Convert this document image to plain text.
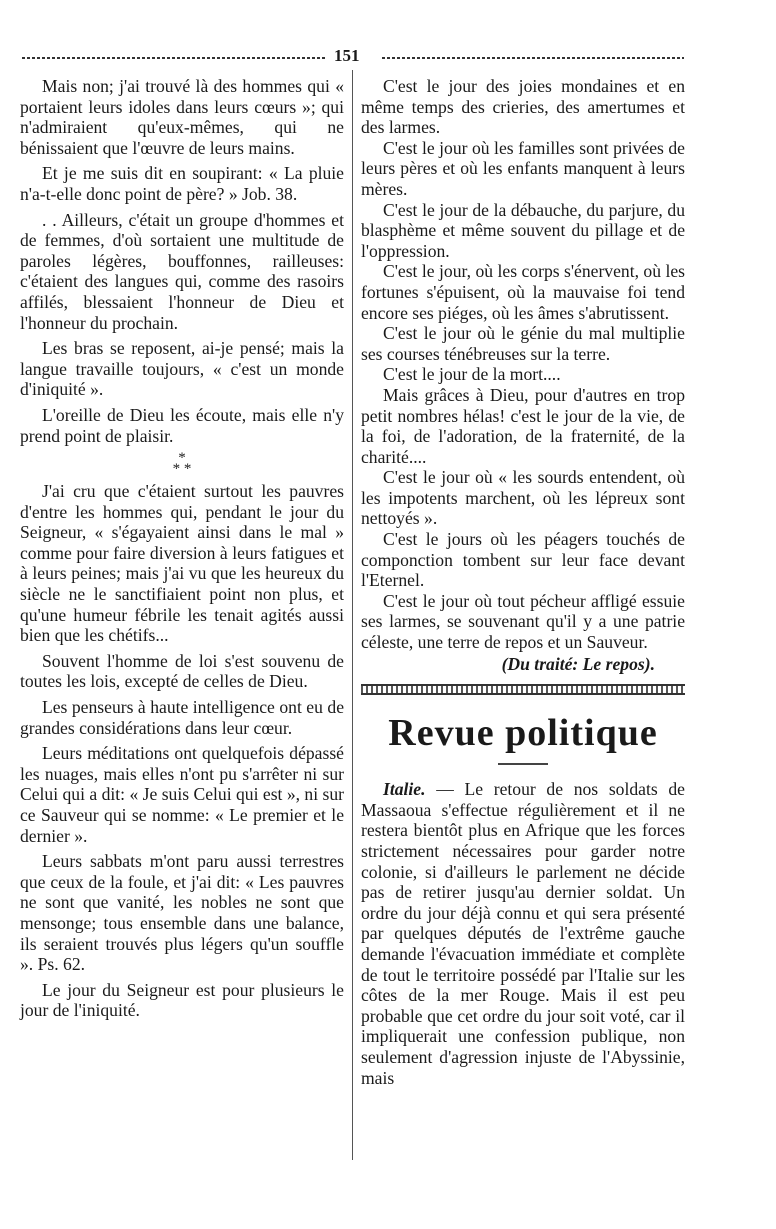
151

Mais non; j'ai trouvé là des hommes qui « portaient leurs idoles dans leurs cœurs »; qui n'admiraient qu'eux-mêmes, qui ne bénissaient que l'œuvre de leurs mains.

Et je me suis dit en soupirant: « La pluie n'a-t-elle donc point de père? » Job. 38.

. . Ailleurs, c'était un groupe d'hommes et de femmes, d'où sortaient une multitude de paroles légères, bouffonnes, railleuses: c'étaient des langues qui, comme des rasoirs affilés, blessaient l'honneur de Dieu et l'honneur du prochain.

Les bras se reposent, ai-je pensé; mais la langue travaille toujours, « c'est un monde d'iniquité ».

L'oreille de Dieu les écoute, mais elle n'y prend point de plaisir.

*
* *

J'ai cru que c'étaient surtout les pauvres d'entre les hommes qui, pendant le jour du Seigneur, « s'égayaient ainsi dans le mal » comme pour faire diversion à leurs fatigues et à leurs peines; mais j'ai vu que les heureux du siècle ne le sanctifiaient point non plus, et qu'une humeur fébrile les tenait agités aussi bien que les chétifs...

Souvent l'homme de loi s'est souvenu de toutes les lois, excepté de celles de Dieu.

Les penseurs à haute intelligence ont eu de grandes considérations dans leur cœur.

Leurs méditations ont quelquefois dépassé les nuages, mais elles n'ont pu s'arrêter ni sur Celui qui a dit: « Je suis Celui qui est », ni sur ce Sauveur qui se nomme: « Le premier et le dernier ».

Leurs sabbats m'ont paru aussi terrestres que ceux de la foule, et j'ai dit: « Les pauvres ne sont que vanité, les nobles ne sont que mensonge; tous ensemble dans une balance, ils seraient trouvés plus légers qu'un souffle ». Ps. 62.

Le jour du Seigneur est pour plusieurs le jour de l'iniquité.

C'est le jour des joies mondaines et en même temps des crieries, des amertumes et des larmes.

C'est le jour où les familles sont privées de leurs pères et où les enfants manquent à leurs mères.

C'est le jour de la débauche, du parjure, du blasphème et même souvent du pillage et de l'oppression.

C'est le jour, où les corps s'énervent, où les fortunes s'épuisent, où la mauvaise foi tend encore ses piéges, où les âmes s'abrutissent.

C'est le jour où le génie du mal multiplie ses courses ténébreuses sur la terre.

C'est le jour de la mort....

Mais grâces à Dieu, pour d'autres en trop petit nombres hélas! c'est le jour de la vie, de la foi, de l'adoration, de la fraternité, de la charité....

C'est le jour où « les sourds entendent, où les impotents marchent, où les lépreux sont nettoyés ».

C'est le jours où les péagers touchés de componction tombent sur leur face devant l'Eternel.

C'est le jour où tout pécheur affligé essuie ses larmes, se souvenant qu'il y a une patrie céleste, une terre de repos et un Sauveur.

(Du traité: Le repos).
Revue politique

Italie. — Le retour de nos soldats de Massaoua s'effectue régulièrement et il ne restera bientôt plus en Afrique que les forces strictement nécessaires pour garder notre colonie, si d'ailleurs le parlement ne décide pas de retirer jusqu'au dernier soldat. Un ordre du jour déjà connu et qui sera présenté par quelques députés de l'extrême gauche demande l'évacuation immédiate et complète de tout le territoire possédé par l'Italie sur les côtes de la mer Rouge. Mais il est peu probable que cet ordre du jour soit voté, car il impliquerait une confession publique, non seulement d'agression injuste de l'Abyssinie, mais
